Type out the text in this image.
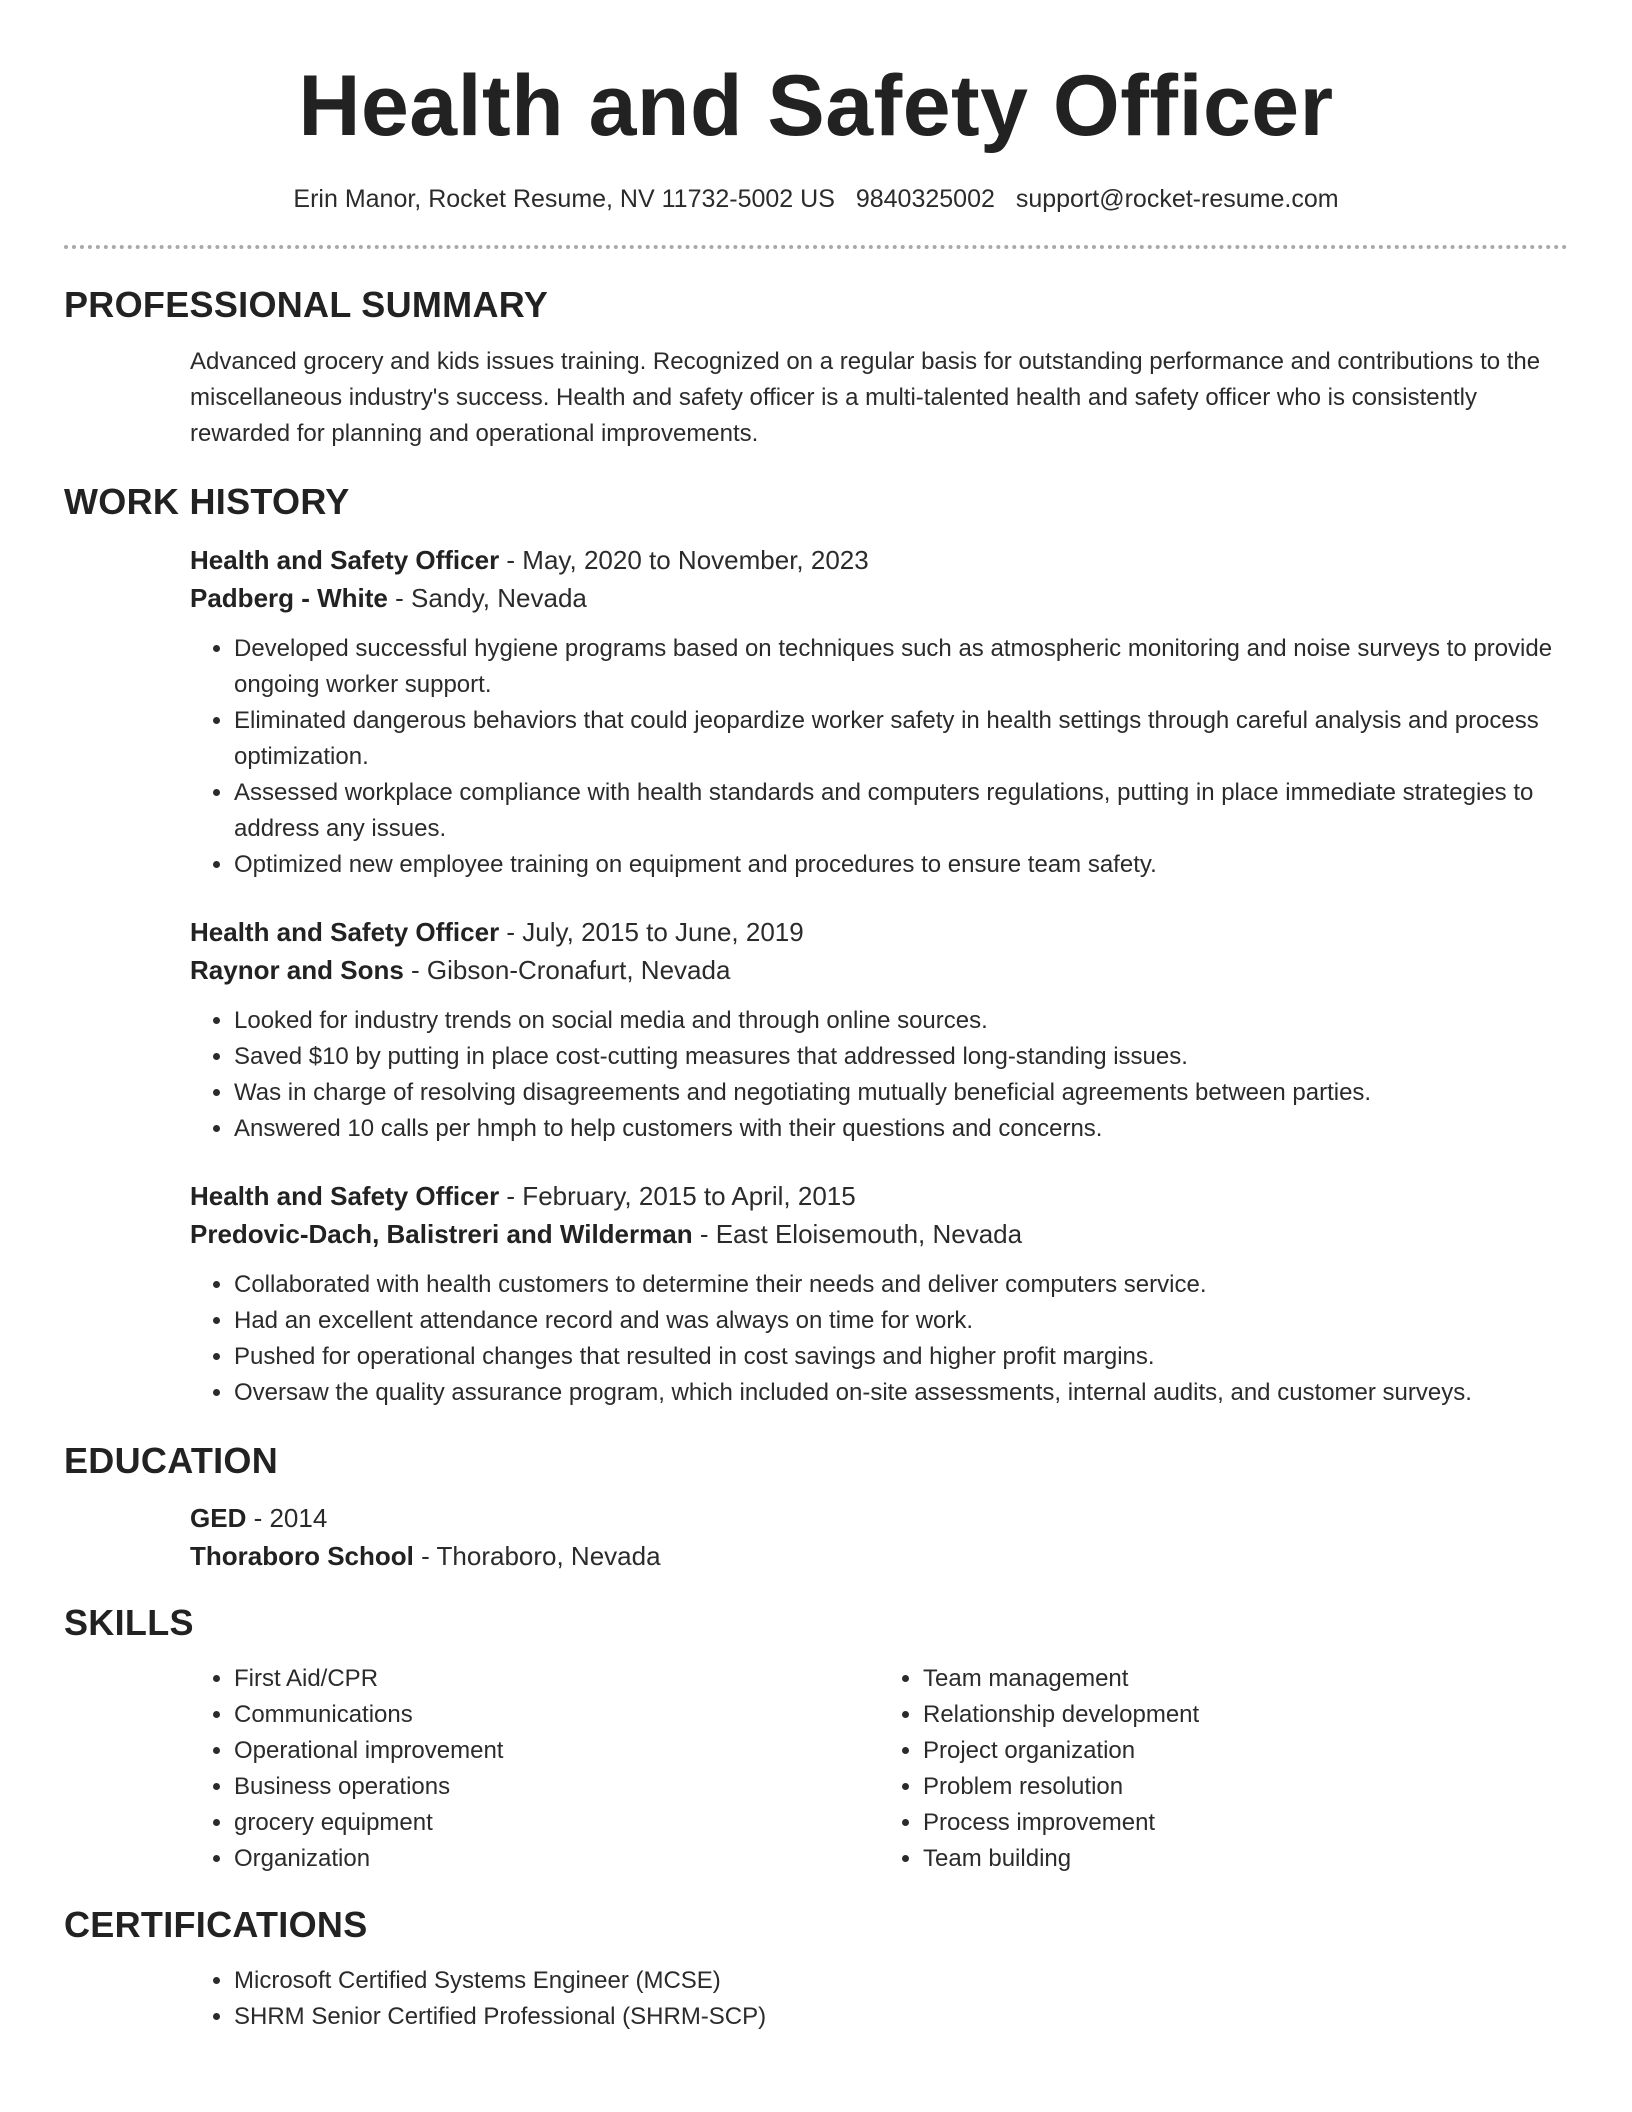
Health and Safety Officer
Erin Manor, Rocket Resume, NV 11732-5002 US 9840325002 support@rocket-resume.com
PROFESSIONAL SUMMARY

Advanced grocery and kids issues training. Recognized on a regular basis for outstanding performance and contributions to the miscellaneous industry's success. Health and safety officer is a multi-talented health and safety officer who is consistently rewarded for planning and operational improvements.

WORK HISTORY
Health and Safety Officer - May, 2020 to November, 2023
Padberg - White - Sandy, Nevada
• Developed successful hygiene programs based on techniques such as atmospheric monitoring and noise surveys to provide ongoing worker support.
• Eliminated dangerous behaviors that could jeopardize worker safety in health settings through careful analysis and process optimization.
• Assessed workplace compliance with health standards and computers regulations, putting in place immediate strategies to address any issues.
• Optimized new employee training on equipment and procedures to ensure team safety.
Health and Safety Officer - July, 2015 to June, 2019
Raynor and Sons - Gibson-Cronafurt, Nevada
• Looked for industry trends on social media and through online sources.
• Saved $10 by putting in place cost-cutting measures that addressed long-standing issues.
• Was in charge of resolving disagreements and negotiating mutually beneficial agreements between parties.
• Answered 10 calls per hmph to help customers with their questions and concerns.
Health and Safety Officer - February, 2015 to April, 2015
Predovic-Dach, Balistreri and Wilderman - East Eloisemouth, Nevada
• Collaborated with health customers to determine their needs and deliver computers service.
• Had an excellent attendance record and was always on time for work.
• Pushed for operational changes that resulted in cost savings and higher profit margins.
• Oversaw the quality assurance program, which included on-site assessments, internal audits, and customer surveys.
EDUCATION
GED - 2014
Thoraboro School - Thoraboro, Nevada
SKILLS
• First Aid/CPR
• Communications
• Operational improvement
• Business operations
• grocery equipment
• Organization
• Team management
• Relationship development
• Project organization
• Problem resolution
• Process improvement
• Team building
CERTIFICATIONS
• Microsoft Certified Systems Engineer (MCSE)
• SHRM Senior Certified Professional (SHRM-SCP)
